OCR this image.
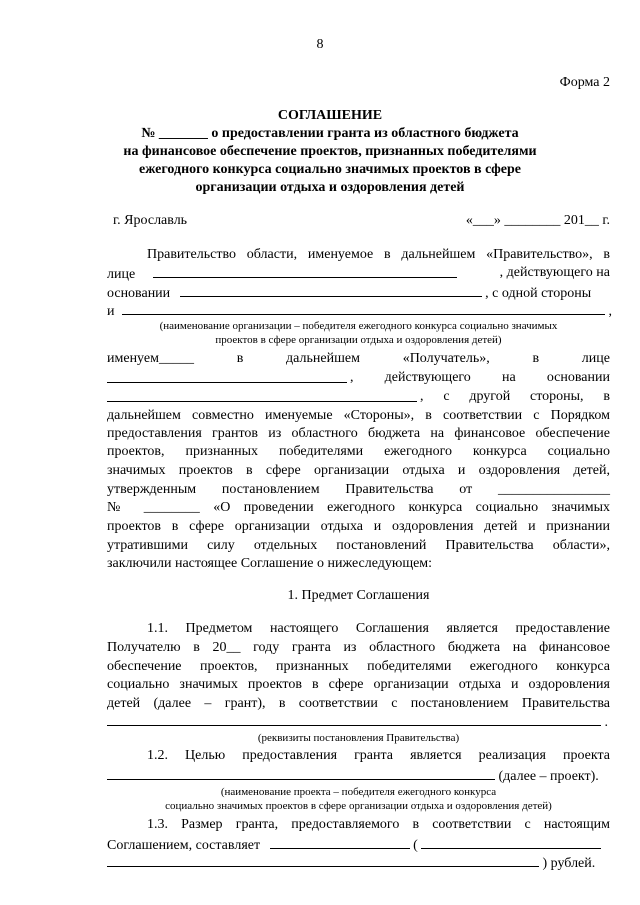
8
Форма 2
СОГЛАШЕНИЕ
№ _______ о предоставлении гранта из областного бюджета
на финансовое обеспечение проектов, признанных победителями
ежегодного конкурса социально значимых проектов в сфере
организации отдыха и оздоровления детей
г. Ярославль	«___» ________ 201__ г.
Правительство области, именуемое в дальнейшем «Правительство», в
лице	, действующего на
основании	, с одной стороны
и	,
(наименование организации – победителя ежегодного конкурса социально значимых
проектов в сфере организации отдыха и оздоровления детей)
именуем_____ в дальнейшем «Получатель», в лице
, действующего на основании
, с другой стороны, в
дальнейшем совместно именуемые «Стороны», в соответствии с Порядком
предоставления грантов из областного бюджета на финансовое обеспечение
проектов, признанных победителями ежегодного конкурса социально
значимых проектов в сфере организации отдыха и оздоровления детей,
утвержденным постановлением Правительства от ________________
№ ________ «О проведении ежегодного конкурса социально значимых
проектов в сфере организации отдыха и оздоровления детей и признании
утратившими силу отдельных постановлений Правительства области»,
заключили настоящее Соглашение о нижеследующем:
1. Предмет Соглашения
1.1. Предметом настоящего Соглашения является предоставление
Получателю в 20__ году гранта из областного бюджета на финансовое
обеспечение проектов, признанных победителями ежегодного конкурса
социально значимых проектов в сфере организации отдыха и оздоровления
детей (далее – грант), в соответствии с постановлением Правительства
.
(реквизиты постановления Правительства)
1.2. Целью предоставления гранта является реализация проекта
(далее – проект).
(наименование проекта – победителя ежегодного конкурса
социально значимых проектов в сфере организации отдыха и оздоровления детей)
1.3. Размер гранта, предоставляемого в соответствии с настоящим
Соглашением, составляет	(
) рублей.
